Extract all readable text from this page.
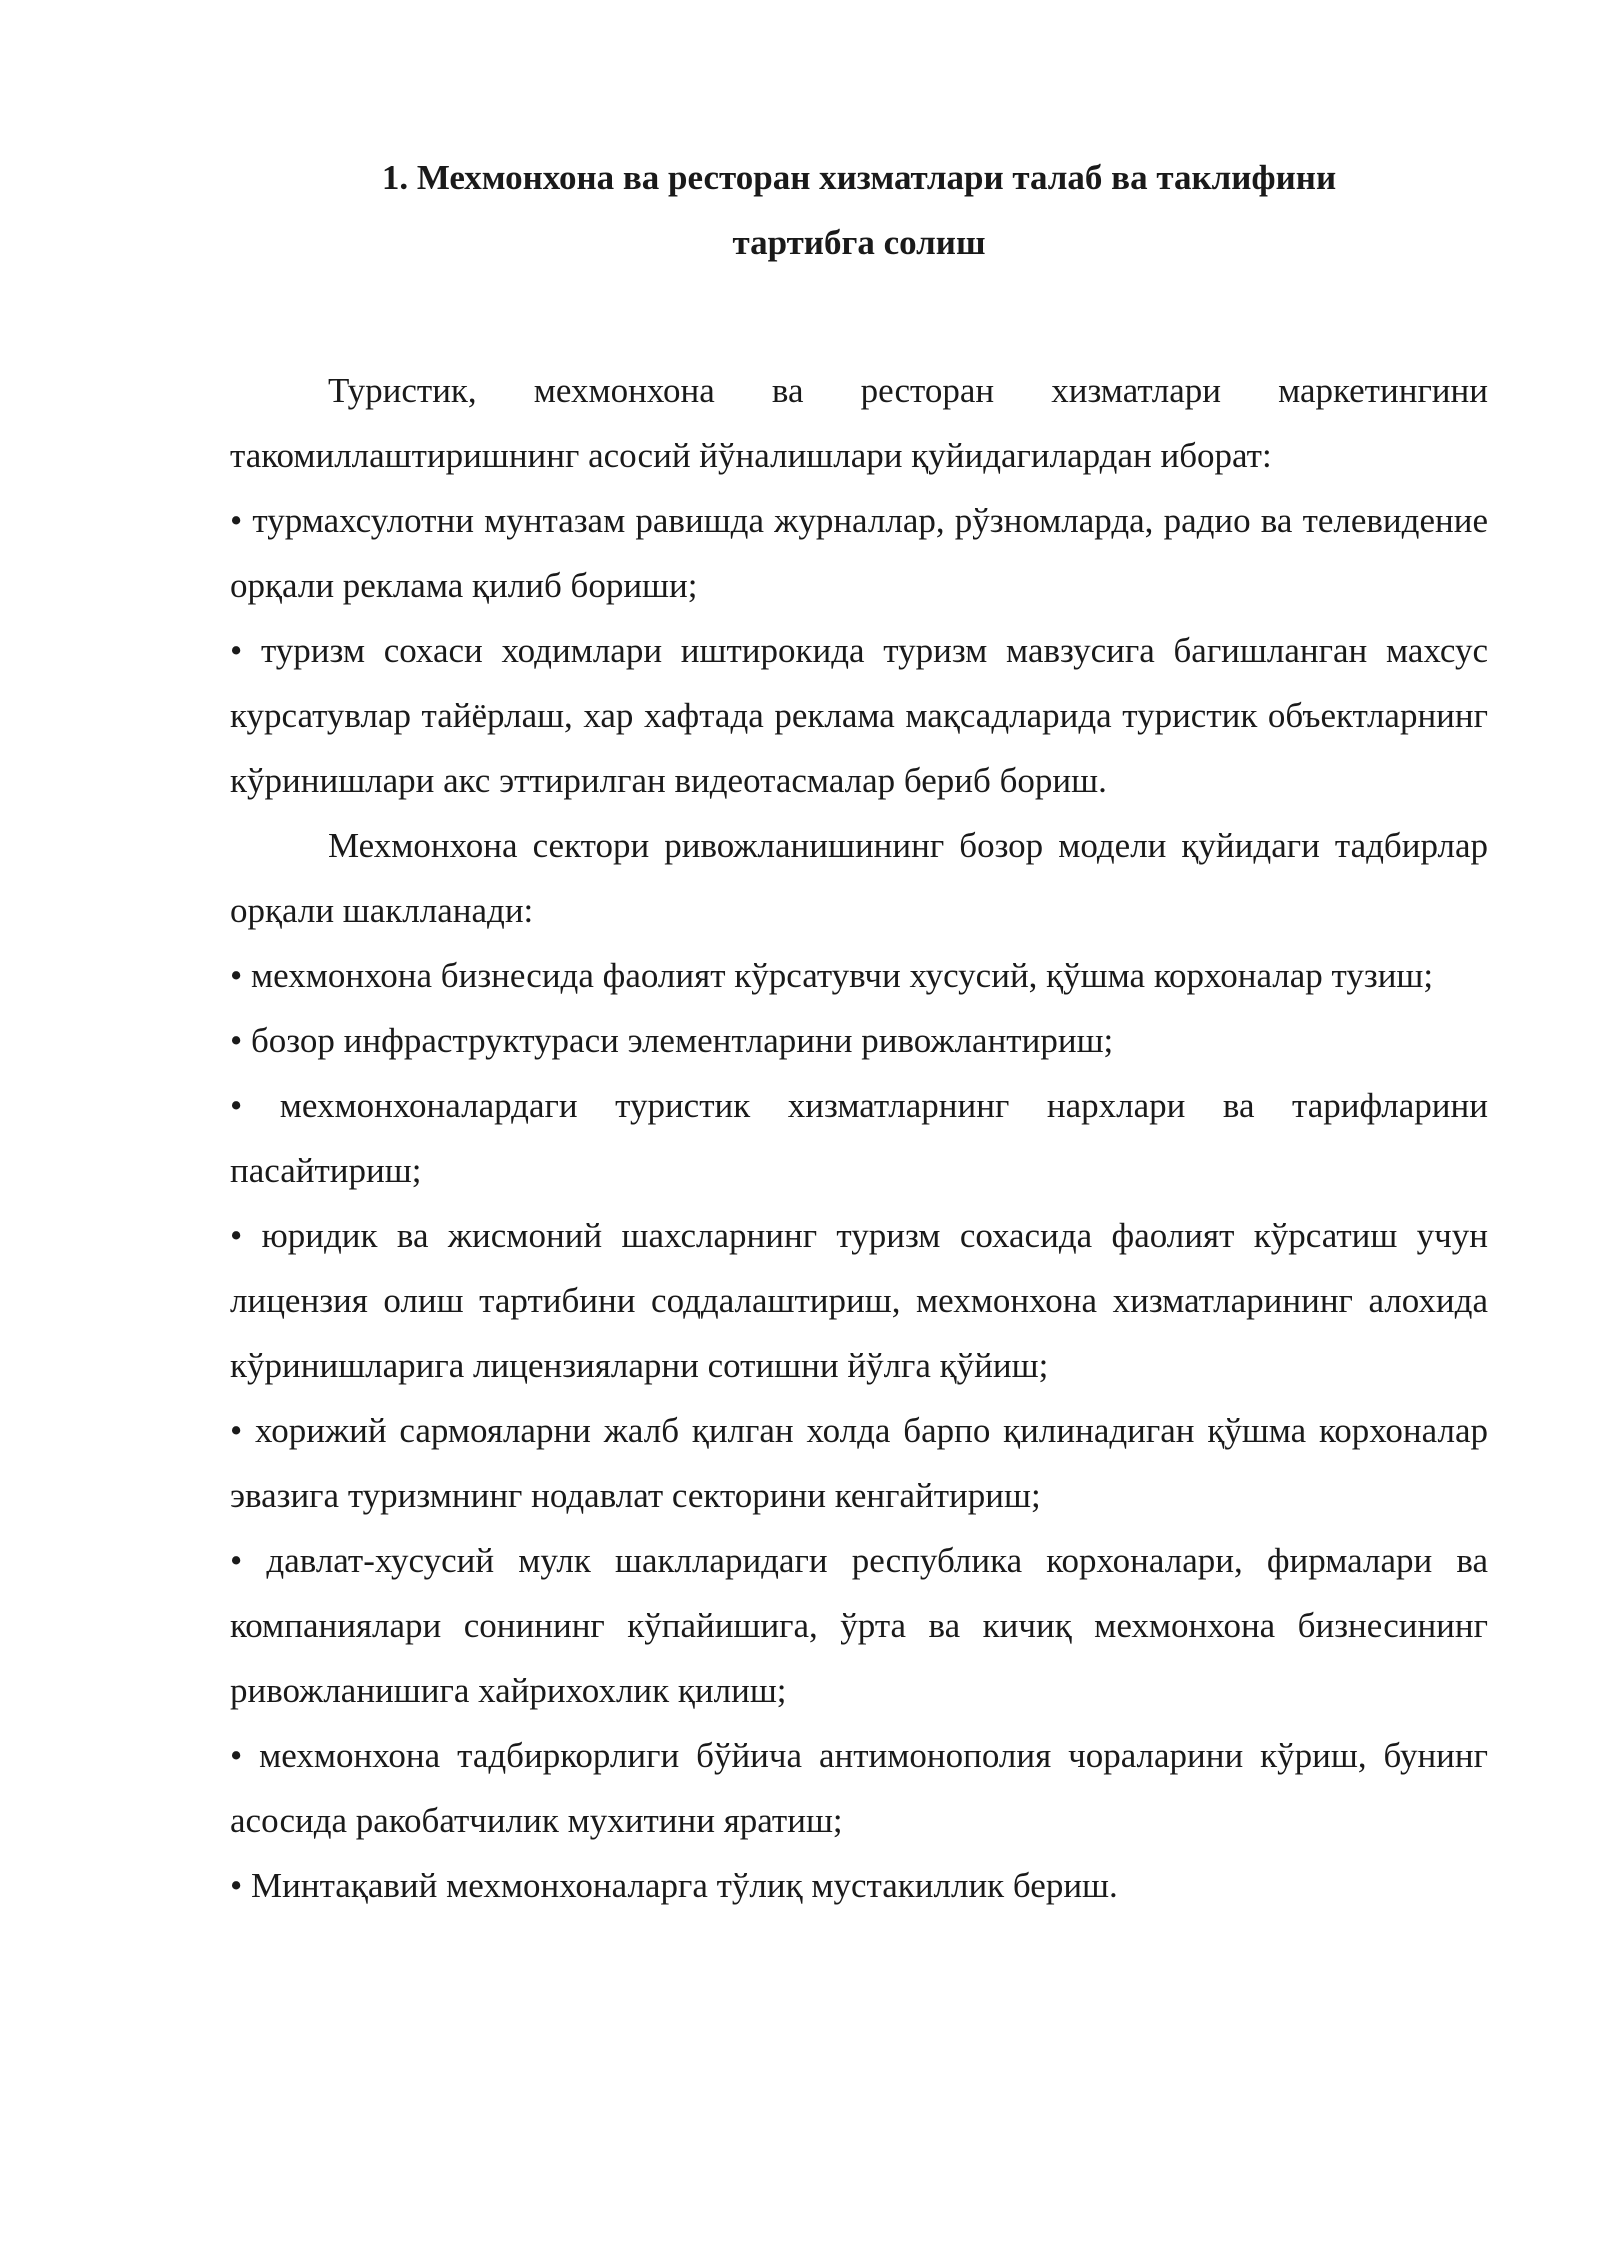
1. Мехмонхона ва ресторан хизматлари талаб ва таклифини
тартибга солиш

Туристик, мехмонхона ва ресторан хизматлари маркетингини такомиллаштиришнинг асосий йўналишлари қуйидагилардан иборат:

• турмахсулотни мунтазам равишда журналлар, рўзномларда, радио ва телевидение орқали реклама қилиб бориши;

• туризм сохаси ходимлари иштирокида туризм мавзусига багишланган махсус курсатувлар тайёрлаш, хар хафтада реклама мақсадларида туристик объектларнинг кўринишлари акс эттирилган видеотасмалар бериб бориш.

Мехмонхона сектори ривожланишининг бозор модели қуйидаги тадбирлар орқали шаклланади:

• мехмонхона бизнесида фаолият кўрсатувчи хусусий, қўшма корхоналар тузиш;

• бозор инфраструктураси элементларини ривожлантириш;

• мехмонхоналардаги туристик хизматларнинг нархлари ва тарифларини пасайтириш;

• юридик ва жисмоний шахсларнинг туризм сохасида фаолият кўрсатиш учун лицензия олиш тартибини соддалаштириш, мехмонхона хизматларининг алохида кўринишларига лицензияларни сотишни йўлга қўйиш;

• хорижий сармояларни жалб қилган холда барпо қилинадиган қўшма корхоналар эвазига туризмнинг нодавлат секторини кенгайтириш;

• давлат-хусусий мулк шаклларидаги республика корхоналари, фирмалари ва компаниялари сонининг кўпайишига, ўрта ва кичиқ мехмонхона бизнесининг ривожланишига хайрихохлик қилиш;

• мехмонхона тадбиркорлиги бўйича антимонополия чораларини кўриш, бунинг асосида ракобатчилик мухитини яратиш;

• Минтақавий мехмонхоналарга тўлиқ мустакиллик бериш.
